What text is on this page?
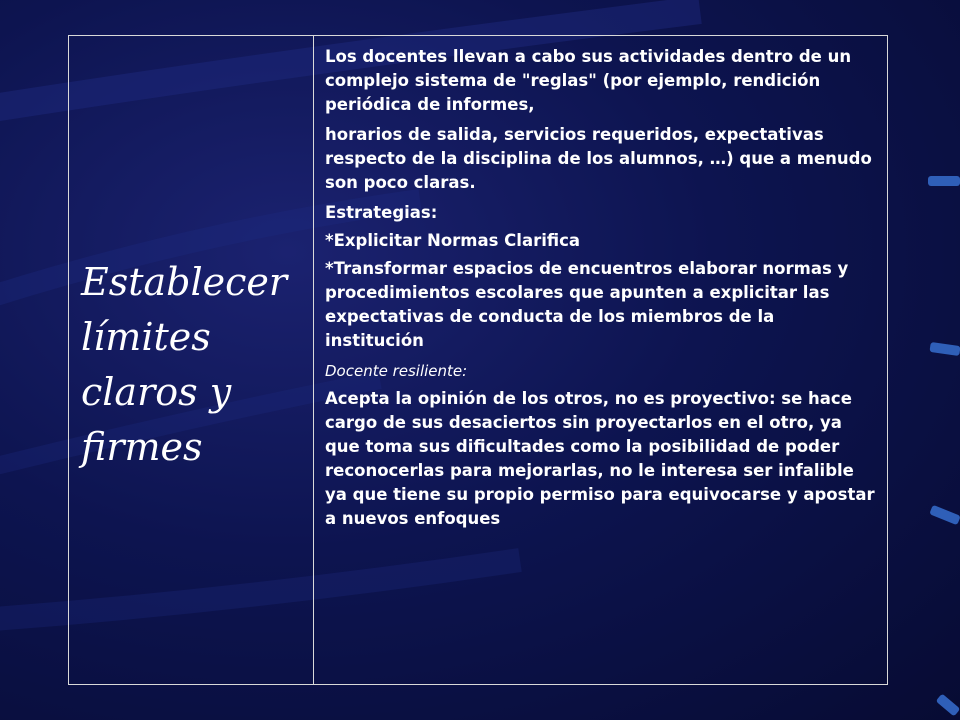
Establecer límites claros y firmes

Los docentes llevan a cabo sus actividades dentro de un complejo sistema de "reglas" (por ejemplo, rendición periódica de informes,

horarios de salida, servicios requeridos, expectativas respecto de la disciplina de los alumnos, …) que a menudo son poco claras.

Estrategias:

*Explicitar Normas Clarifica

*Transformar espacios de encuentros elaborar normas y procedimientos escolares que apunten a explicitar las expectativas de conducta de los miembros de la institución

Docente resiliente:

Acepta la opinión de los otros, no es proyectivo: se hace cargo de sus desaciertos sin proyectarlos en el otro, ya que toma sus dificultades como la posibilidad de poder reconocerlas para mejorarlas, no le interesa ser infalible ya que tiene su propio permiso para equivocarse y apostar a nuevos enfoques
